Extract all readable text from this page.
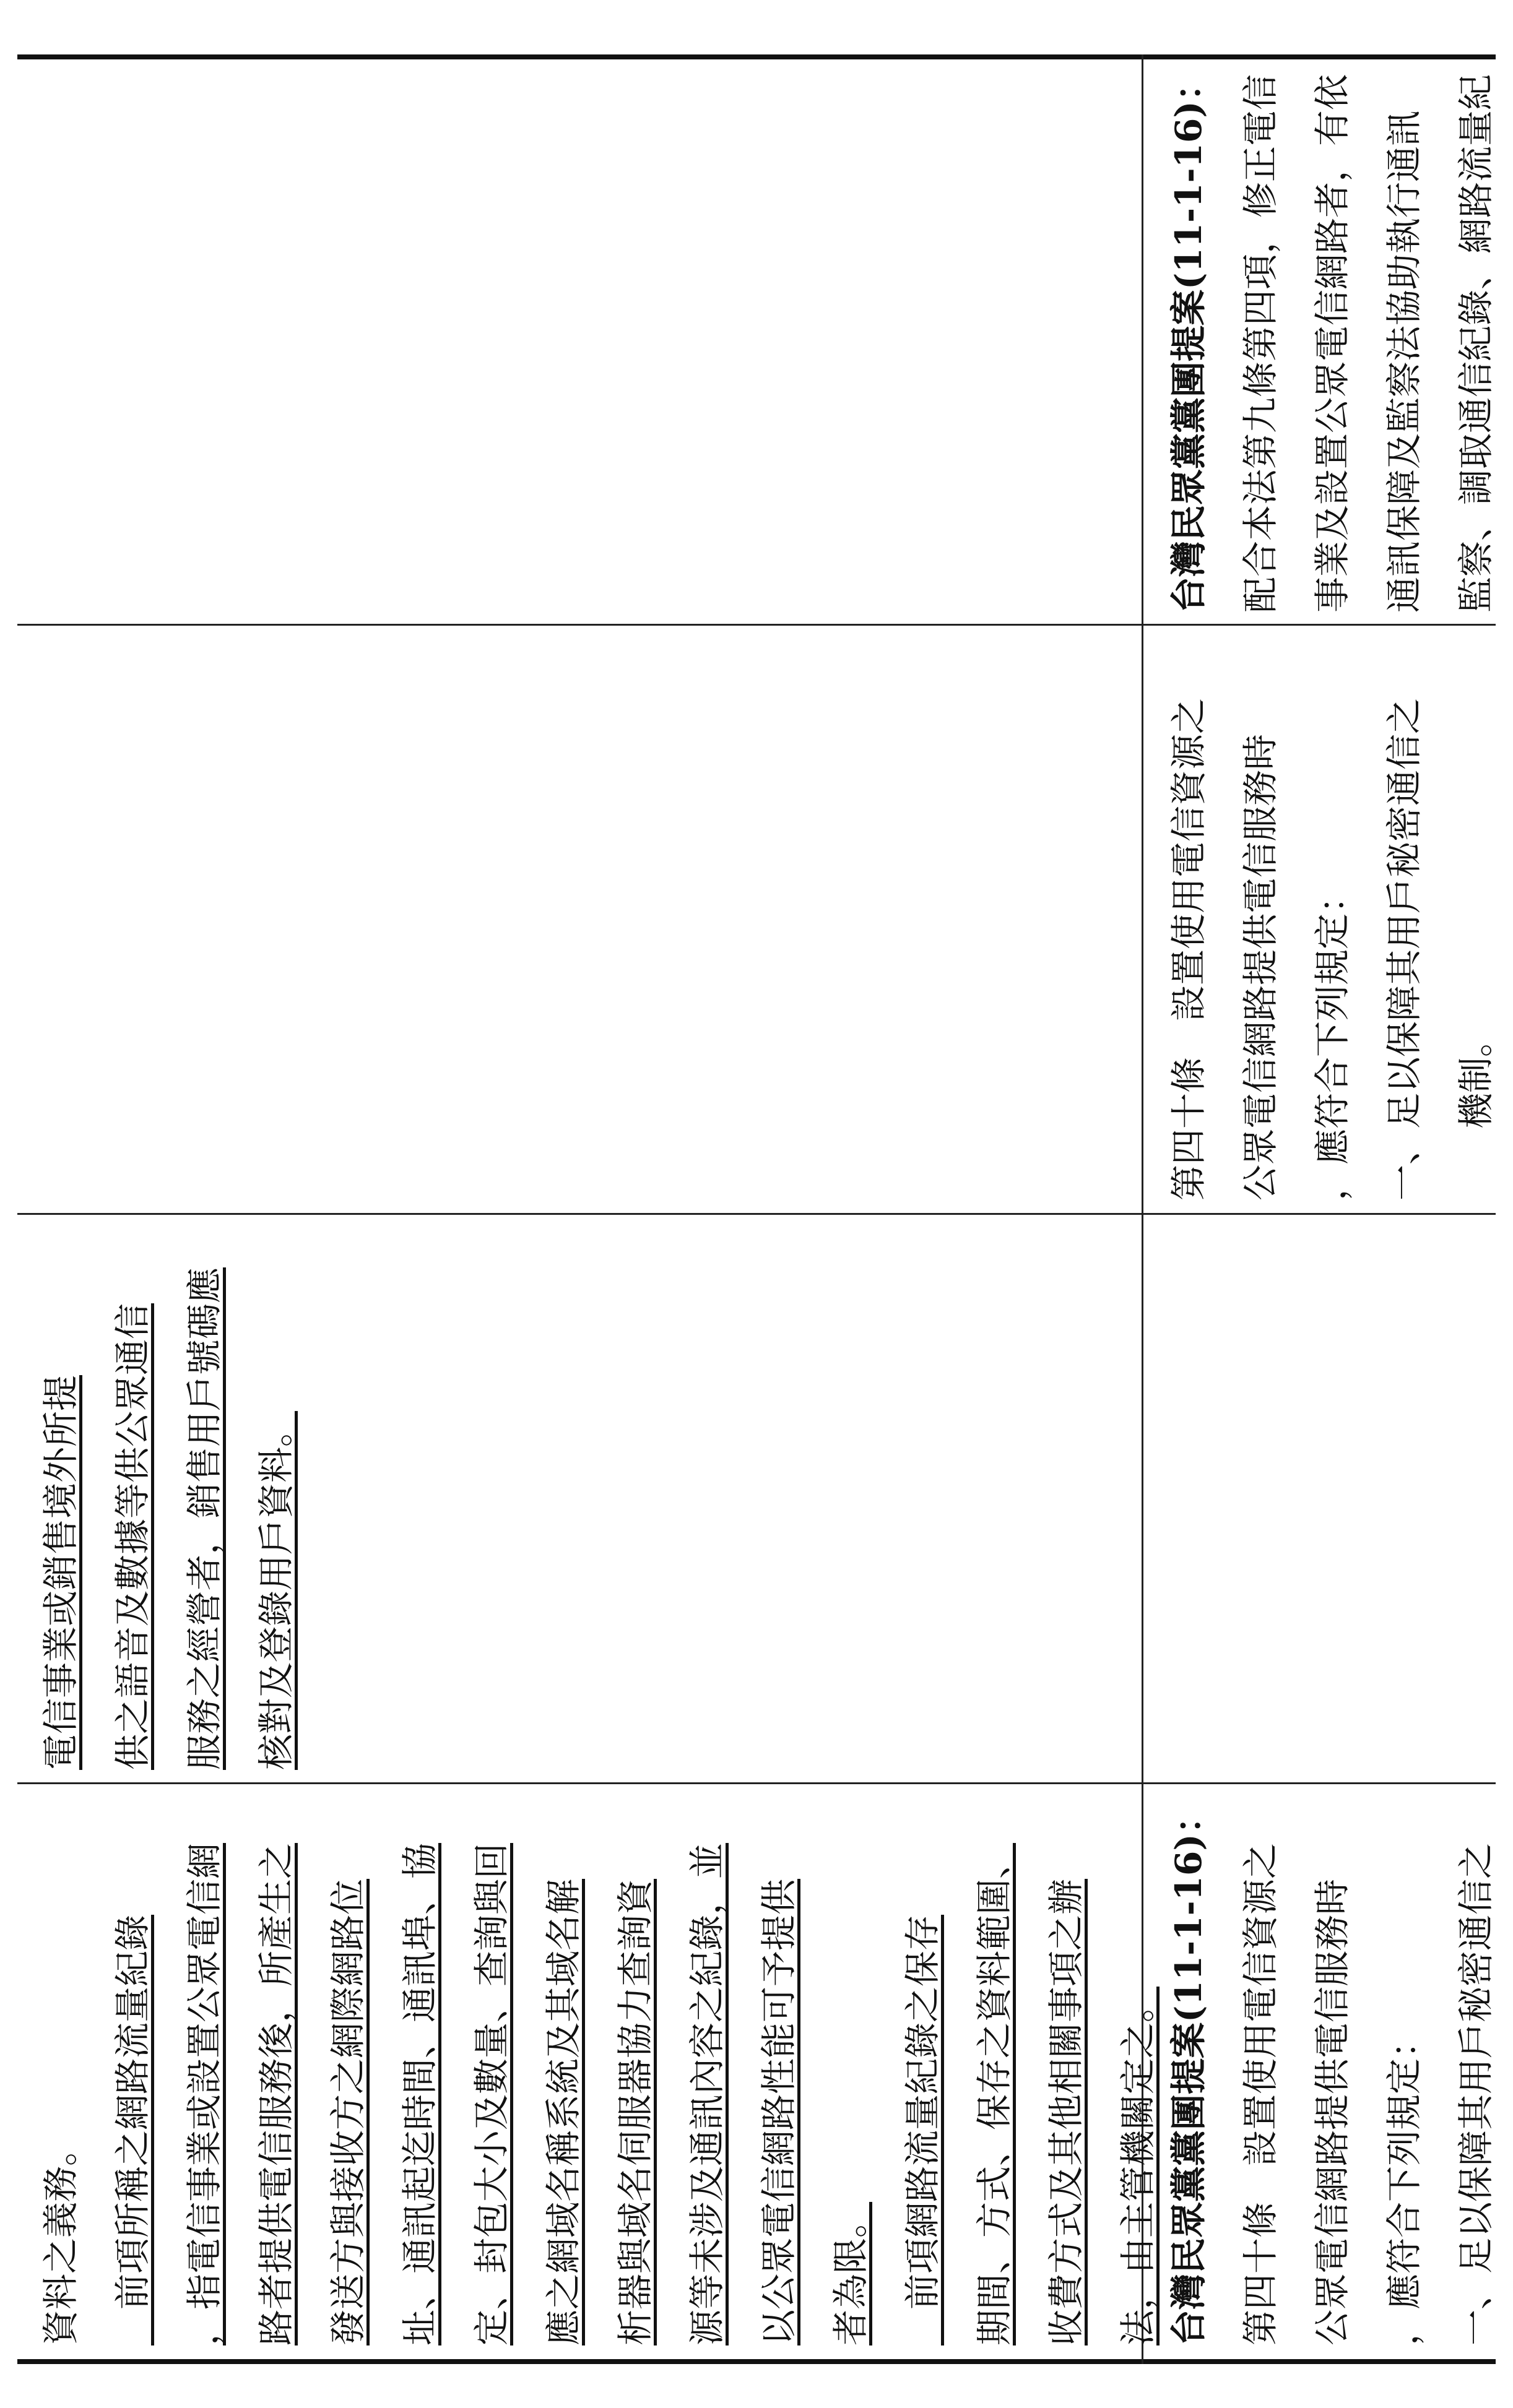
台灣民眾黨黨團提案(11-1-16)： 第四十條　設置使用電信資源之 公眾電信網路提供電信服務時 ，應符合下列規定： 一、足以保障其用戶秘密通信之
資料之義務。 　前項所稱之網路流量紀錄 ，指電信事業或設置公眾電信網 路者提供電信服務後，所產生之 發送方與接收方之網際網路位 址、通訊起迄時間、通訊埠、協 定、封包大小及數量、查詢與回 應之網域名稱系統及其域名解 析器與域名伺服器協力查詢資 源等未涉及通訊內容之紀錄，並 以公眾電信網路性能可予提供 者為限。 　前項網路流量紀錄之保存 期間、方式、保存之資料範圍、 收費方式及其他相關事項之辦 法，由主管機關定之。
電信事業或銷售境外所提 供之語音及數據等供公眾通信 服務之經營者，銷售用戶號碼應 核對及登錄用戶資料。
第四十條　設置使用電信資源之 公眾電信網路提供電信服務時 ，應符合下列規定： 一、足以保障其用戶秘密通信之 　　機制。
台灣民眾黨黨團提案(11-1-16)： 配合本法第九條第四項，修正電信 事業及設置公眾電信網路者，有依 通訊保障及監察法協助執行通訊 監察、調取通信紀錄、網路流量紀
